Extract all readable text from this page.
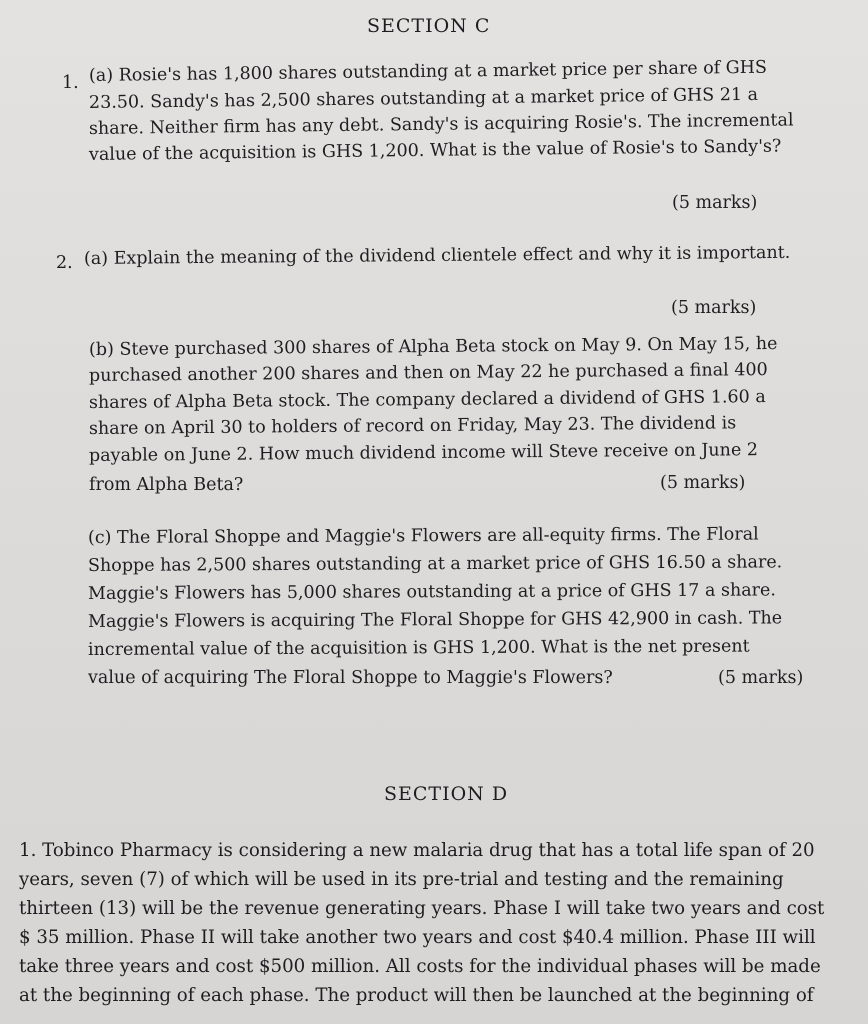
SECTION C
1. (a) Rosie's has 1,800 shares outstanding at a market price per share of GHS
23.50. Sandy's has 2,500 shares outstanding at a market price of GHS 21 a
share. Neither firm has any debt. Sandy's is acquiring Rosie's. The incremental
value of the acquisition is GHS 1,200. What is the value of Rosie's to Sandy's?
(5 marks)
2. (a) Explain the meaning of the dividend clientele effect and why it is important.
(5 marks)
(b) Steve purchased 300 shares of Alpha Beta stock on May 9. On May 15, he
purchased another 200 shares and then on May 22 he purchased a final 400
shares of Alpha Beta stock. The company declared a dividend of GHS 1.60 a
share on April 30 to holders of record on Friday, May 23. The dividend is
payable on June 2. How much dividend income will Steve receive on June 2
from Alpha Beta?	(5 marks)
(c) The Floral Shoppe and Maggie's Flowers are all-equity firms. The Floral
Shoppe has 2,500 shares outstanding at a market price of GHS 16.50 a share.
Maggie's Flowers has 5,000 shares outstanding at a price of GHS 17 a share.
Maggie's Flowers is acquiring The Floral Shoppe for GHS 42,900 in cash. The
incremental value of the acquisition is GHS 1,200. What is the net present
value of acquiring The Floral Shoppe to Maggie's Flowers?	(5 marks)
SECTION D
1. Tobinco Pharmacy is considering a new malaria drug that has a total life span of 20
years, seven (7) of which will be used in its pre-trial and testing and the remaining
thirteen (13) will be the revenue generating years. Phase I will take two years and cost
$ 35 million. Phase II will take another two years and cost $40.4 million. Phase III will
take three years and cost $500 million. All costs for the individual phases will be made
at the beginning of each phase. The product will then be launched at the beginning of
